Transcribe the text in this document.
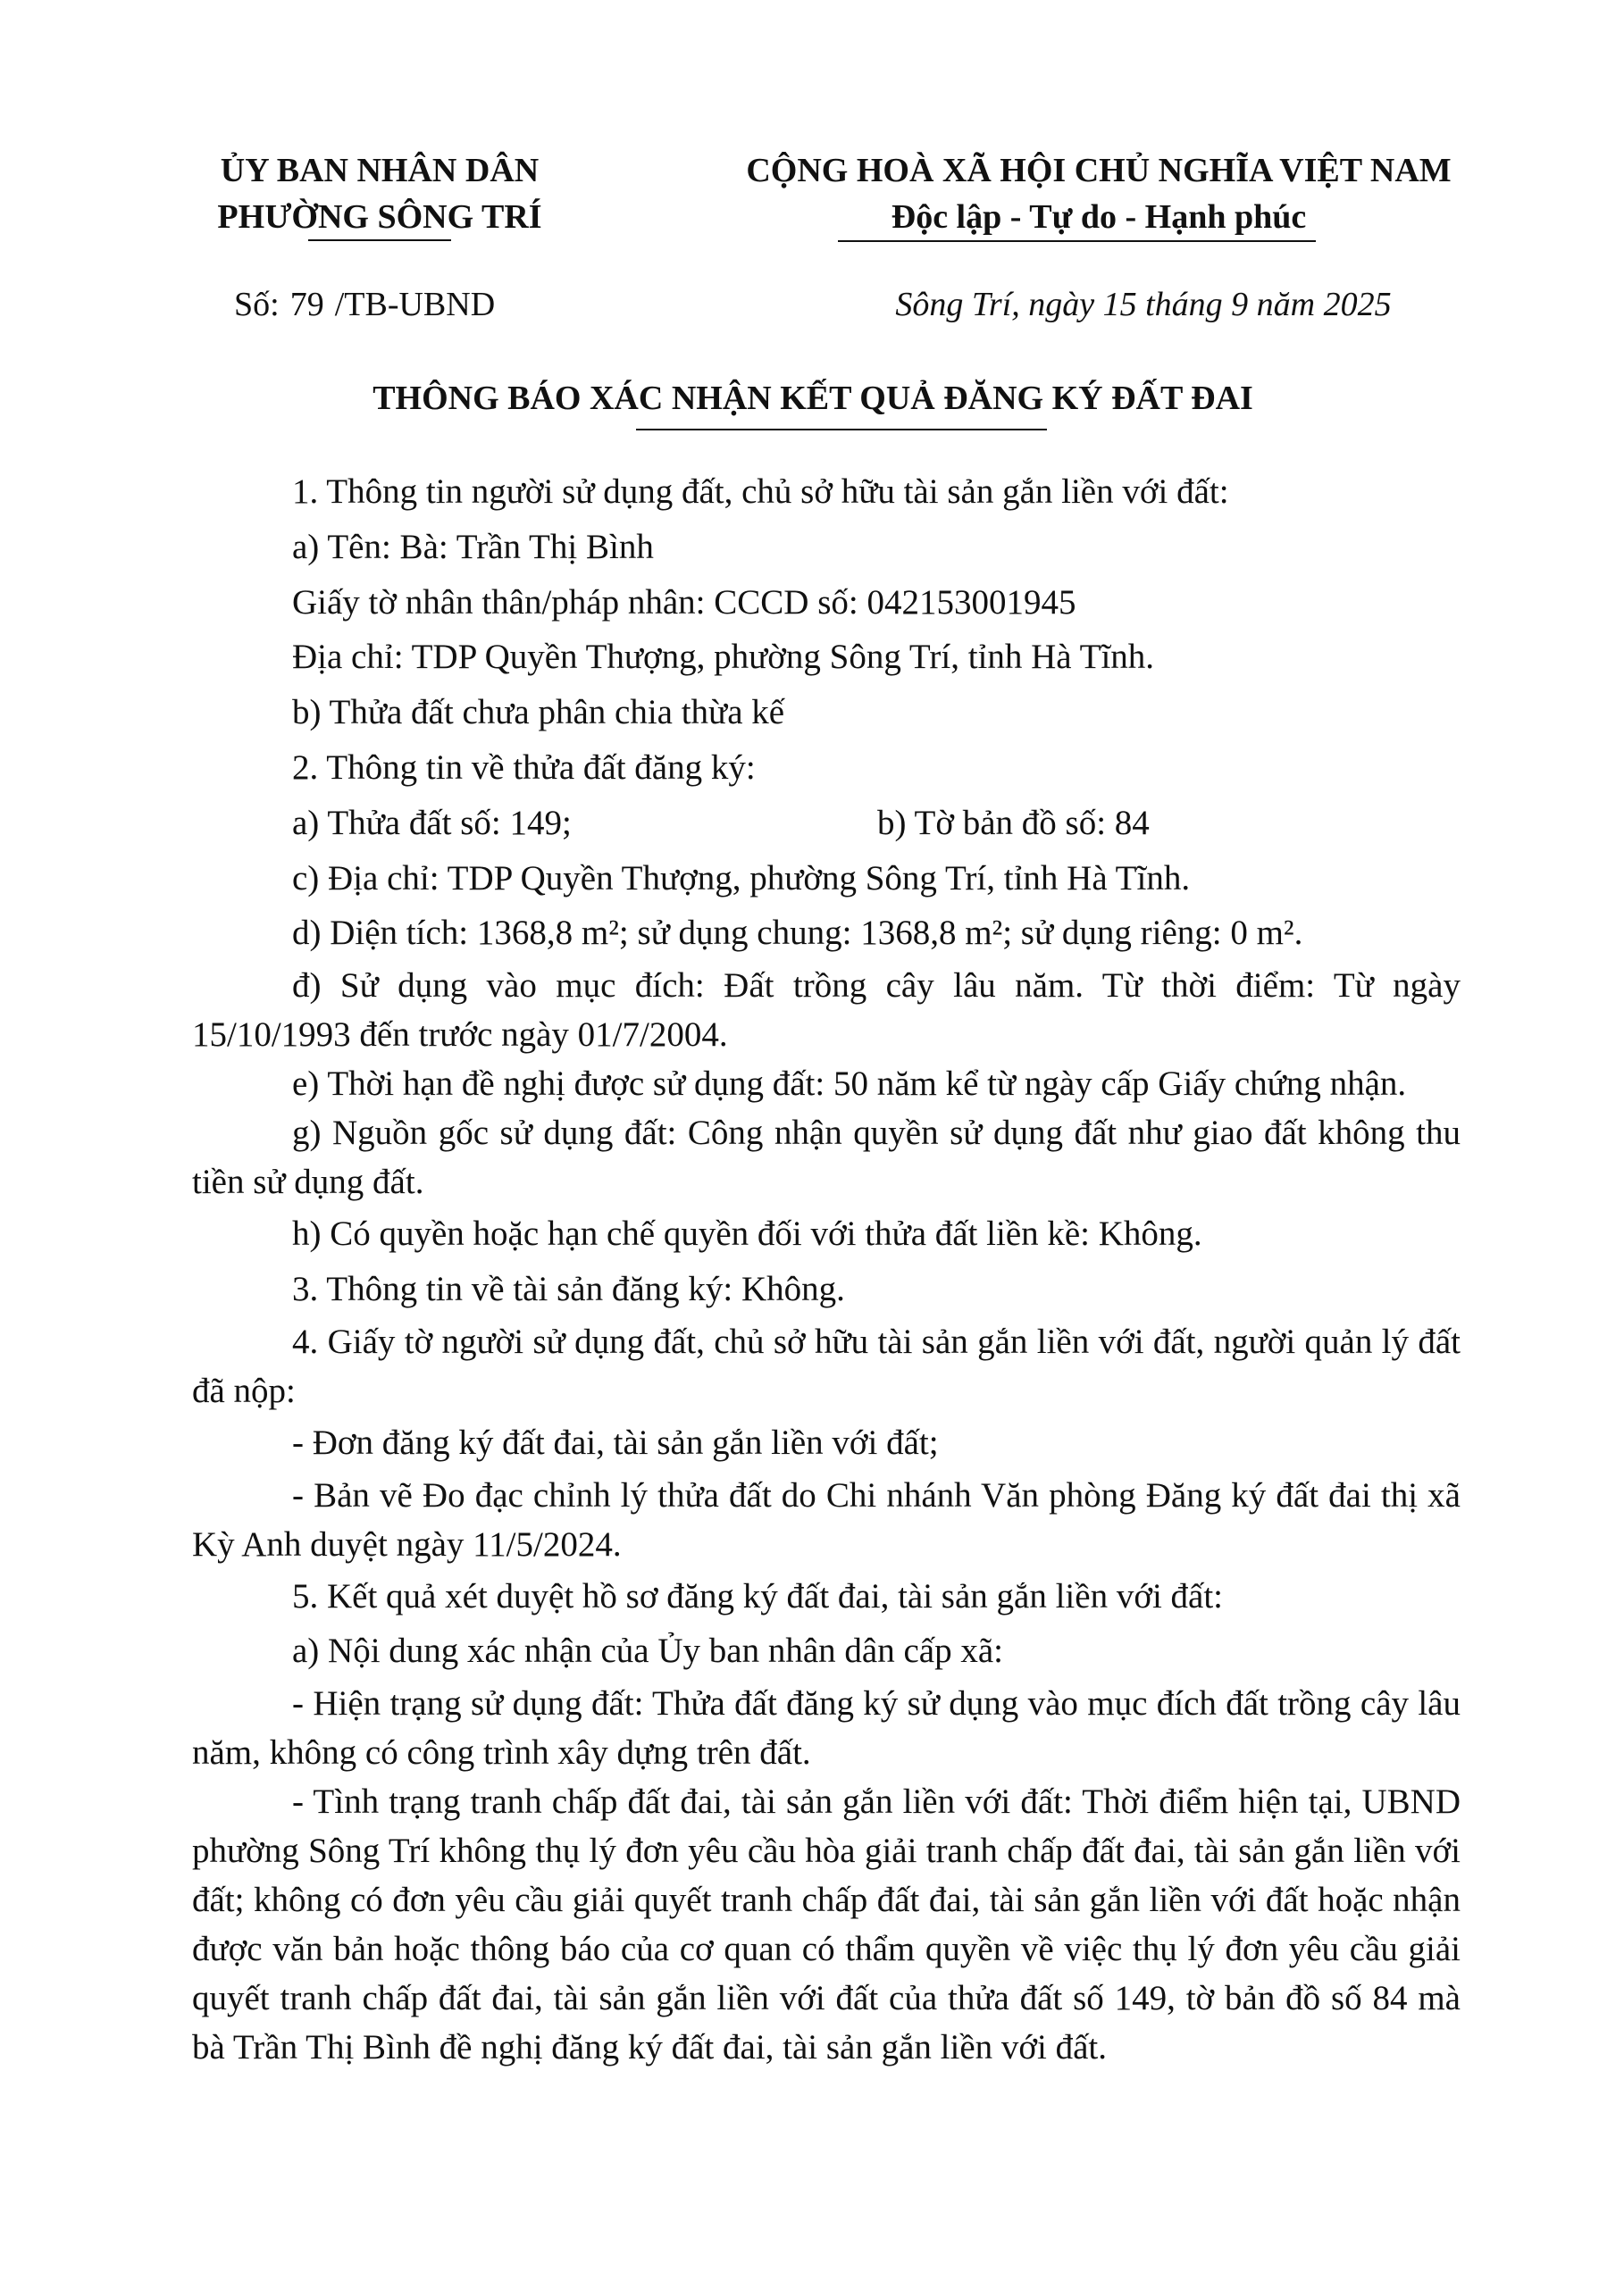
ỦY BAN NHÂN DÂN
PHƯỜNG SÔNG TRÍ
CỘNG HOÀ XÃ HỘI CHỦ NGHĨA VIỆT NAM
Độc lập - Tự do - Hạnh phúc
Số: 79 /TB-UBND	Sông Trí, ngày 15 tháng 9 năm 2025
THÔNG BÁO XÁC NHẬN KẾT QUẢ ĐĂNG KÝ ĐẤT ĐAI

1. Thông tin người sử dụng đất, chủ sở hữu tài sản gắn liền với đất:

a) Tên: Bà: Trần Thị Bình

Giấy tờ nhân thân/pháp nhân: CCCD số: 042153001945

Địa chỉ: TDP Quyền Thượng, phường Sông Trí, tỉnh Hà Tĩnh.

b) Thửa đất chưa phân chia thừa kế

2. Thông tin về thửa đất đăng ký:

a) Thửa đất số: 149;	b) Tờ bản đồ số: 84

c) Địa chỉ: TDP Quyền Thượng, phường Sông Trí, tỉnh Hà Tĩnh.

d) Diện tích: 1368,8 m²; sử dụng chung: 1368,8 m²; sử dụng riêng: 0 m².

đ) Sử dụng vào mục đích: Đất trồng cây lâu năm. Từ thời điểm: Từ ngày 15/10/1993 đến trước ngày 01/7/2004.

e) Thời hạn đề nghị được sử dụng đất: 50 năm kể từ ngày cấp Giấy chứng nhận.

g) Nguồn gốc sử dụng đất: Công nhận quyền sử dụng đất như giao đất không thu tiền sử dụng đất.

h) Có quyền hoặc hạn chế quyền đối với thửa đất liền kề: Không.

3. Thông tin về tài sản đăng ký: Không.

4. Giấy tờ người sử dụng đất, chủ sở hữu tài sản gắn liền với đất, người quản lý đất đã nộp:

- Đơn đăng ký đất đai, tài sản gắn liền với đất;

- Bản vẽ Đo đạc chỉnh lý thửa đất do Chi nhánh Văn phòng Đăng ký đất đai thị xã Kỳ Anh duyệt ngày 11/5/2024.

5. Kết quả xét duyệt hồ sơ đăng ký đất đai, tài sản gắn liền với đất:

a) Nội dung xác nhận của Ủy ban nhân dân cấp xã:

- Hiện trạng sử dụng đất: Thửa đất đăng ký sử dụng vào mục đích đất trồng cây lâu năm, không có công trình xây dựng trên đất.

- Tình trạng tranh chấp đất đai, tài sản gắn liền với đất: Thời điểm hiện tại, UBND phường Sông Trí không thụ lý đơn yêu cầu hòa giải tranh chấp đất đai, tài sản gắn liền với đất; không có đơn yêu cầu giải quyết tranh chấp đất đai, tài sản gắn liền với đất hoặc nhận được văn bản hoặc thông báo của cơ quan có thẩm quyền về việc thụ lý đơn yêu cầu giải quyết tranh chấp đất đai, tài sản gắn liền với đất của thửa đất số 149, tờ bản đồ số 84 mà bà Trần Thị Bình đề nghị đăng ký đất đai, tài sản gắn liền với đất.
